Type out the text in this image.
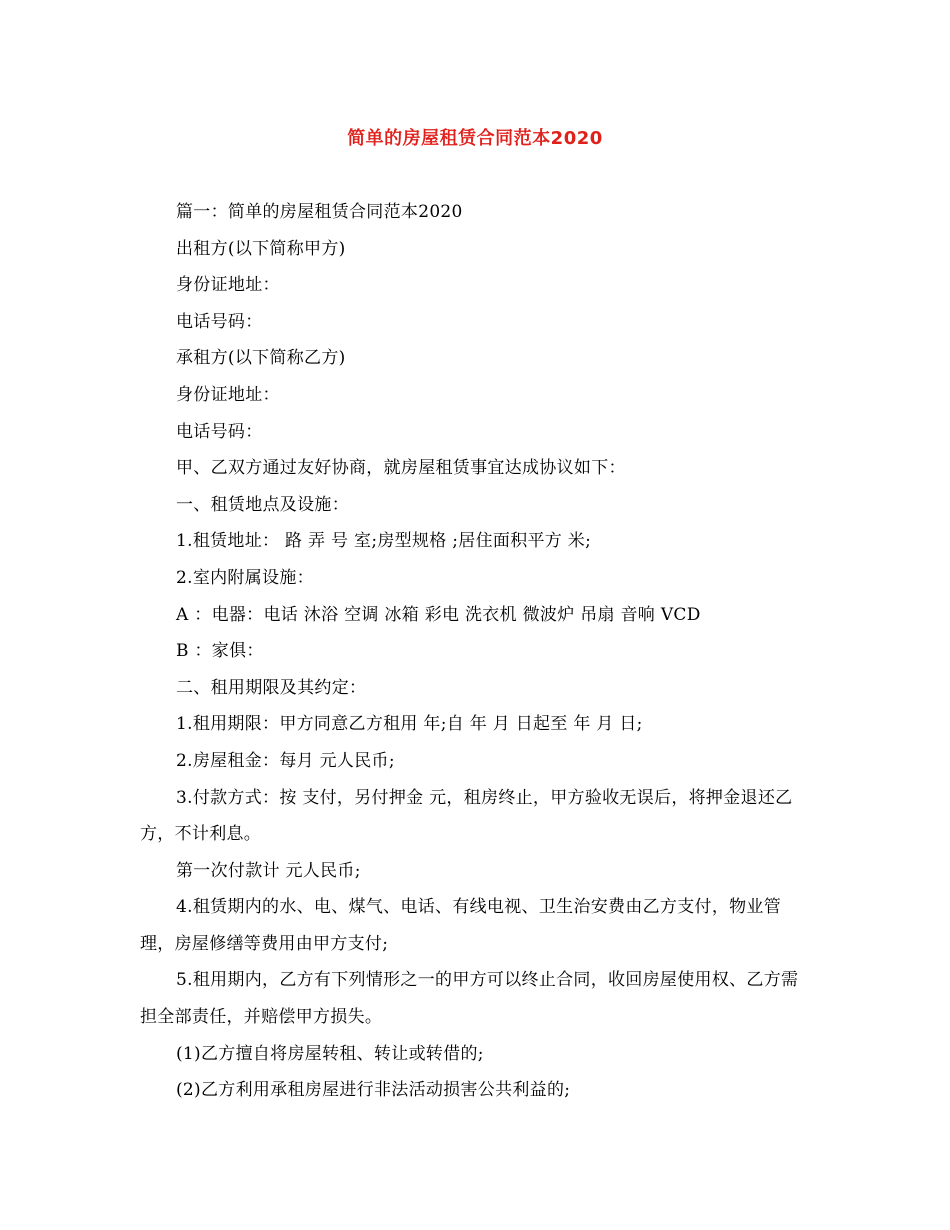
简单的房屋租赁合同范本2020
篇一：简单的房屋租赁合同范本2020
出租方(以下简称甲方)
身份证地址：
电话号码：
承租方(以下简称乙方)
身份证地址：
电话号码：
甲、乙双方通过友好协商，就房屋租赁事宜达成协议如下：
一、租赁地点及设施：
1.租赁地址： 路 弄 号 室;房型规格 ;居住面积平方 米;
2.室内附属设施：
A ：电器：电话 沐浴 空调 冰箱 彩电 洗衣机 微波炉 吊扇 音响 VCD
B ：家俱：
二、租用期限及其约定：
1.租用期限：甲方同意乙方租用 年;自 年 月 日起至 年 月 日;
2.房屋租金：每月 元人民币;
3.付款方式：按 支付，另付押金 元，租房终止，甲方验收无误后，将押金退还乙方，不计利息。
第一次付款计 元人民币;
4.租赁期内的水、电、煤气、电话、有线电视、卫生治安费由乙方支付，物业管理，房屋修缮等费用由甲方支付;
5.租用期内，乙方有下列情形之一的甲方可以终止合同，收回房屋使用权、乙方需担全部责任，并赔偿甲方损失。
(1)乙方擅自将房屋转租、转让或转借的;
(2)乙方利用承租房屋进行非法活动损害公共利益的;
